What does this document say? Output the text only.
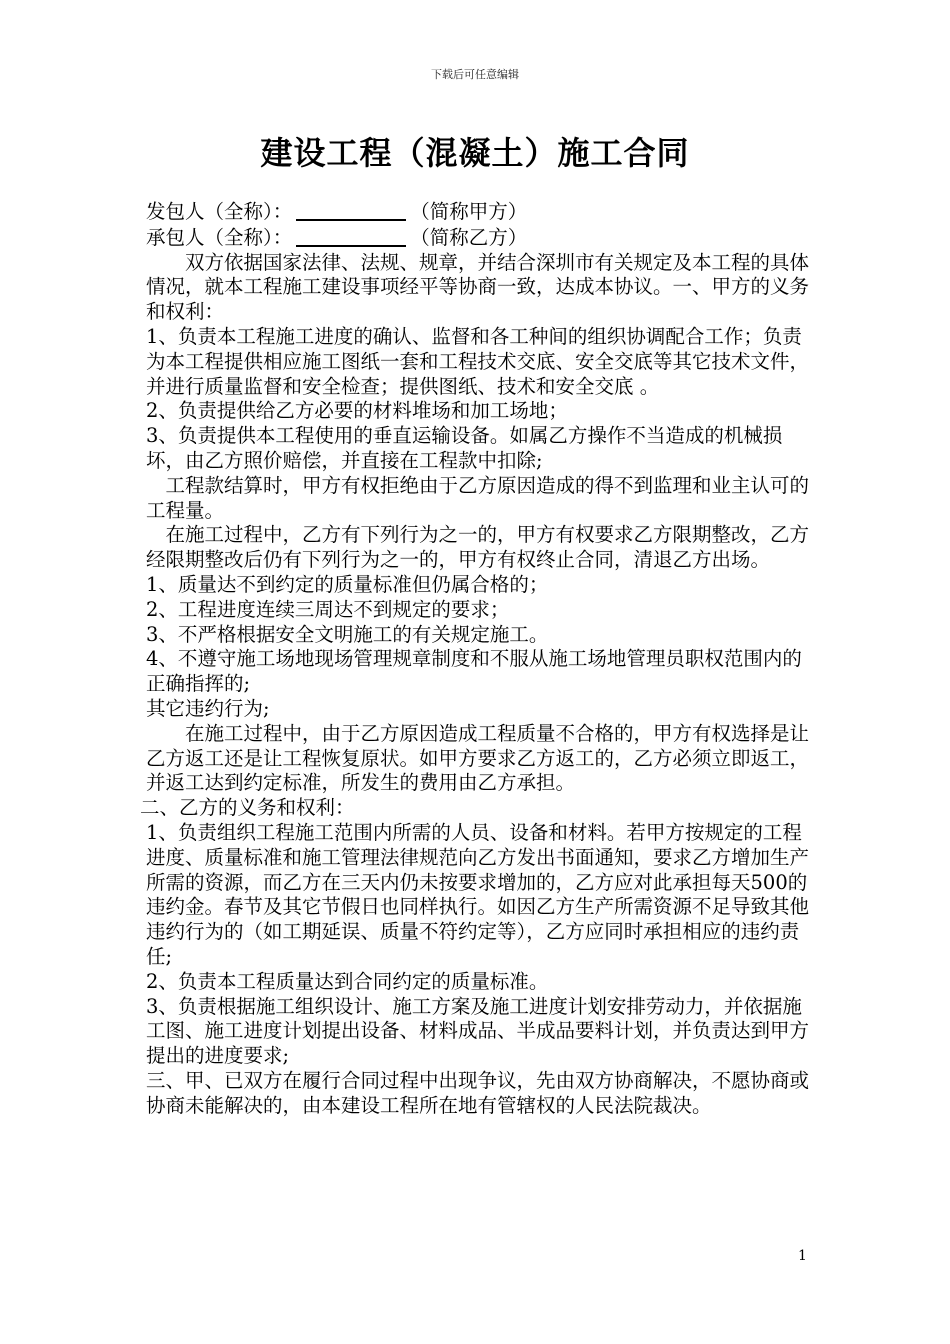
下载后可任意编辑
建设工程（混凝土）施工合同

发包人（全称）：	（简称甲方）

承包人（全称）：	（简称乙方）

双方依据国家法律、法规、规章，并结合深圳市有关规定及本工程的具体情况，就本工程施工建设事项经平等协商一致，达成本协议。一、甲方的义务和权利：

1、负责本工程施工进度的确认、监督和各工种间的组织协调配合工作；负责为本工程提供相应施工图纸一套和工程技术交底、安全交底等其它技术文件，并进行质量监督和安全检查；提供图纸、技术和安全交底 。

2、负责提供给乙方必要的材料堆场和加工场地；

3、负责提供本工程使用的垂直运输设备。如属乙方操作不当造成的机械损坏，由乙方照价赔偿，并直接在工程款中扣除;

工程款结算时，甲方有权拒绝由于乙方原因造成的得不到监理和业主认可的工程量。

在施工过程中，乙方有下列行为之一的，甲方有权要求乙方限期整改，乙方经限期整改后仍有下列行为之一的，甲方有权终止合同，清退乙方出场。

1、质量达不到约定的质量标准但仍属合格的；

2、工程进度连续三周达不到规定的要求；

3、不严格根据安全文明施工的有关规定施工。

4、不遵守施工场地现场管理规章制度和不服从施工场地管理员职权范围内的正确指挥的;

其它违约行为;

在施工过程中，由于乙方原因造成工程质量不合格的，甲方有权选择是让乙方返工还是让工程恢复原状。如甲方要求乙方返工的，乙方必须立即返工，并返工达到约定标准，所发生的费用由乙方承担。

二、乙方的义务和权利：

1、负责组织工程施工范围内所需的人员、设备和材料。若甲方按规定的工程进度、质量标准和施工管理法律规范向乙方发出书面通知，要求乙方增加生产所需的资源，而乙方在三天内仍未按要求增加的，乙方应对此承担每天500的违约金。春节及其它节假日也同样执行。如因乙方生产所需资源不足导致其他违约行为的（如工期延误、质量不符约定等），乙方应同时承担相应的违约责任;

2、负责本工程质量达到合同约定的质量标准。

3、负责根据施工组织设计、施工方案及施工进度计划安排劳动力，并依据施工图、施工进度计划提出设备、材料成品、半成品要料计划，并负责达到甲方提出的进度要求;

三、甲、已双方在履行合同过程中出现争议，先由双方协商解决，不愿协商或协商未能解决的，由本建设工程所在地有管辖权的人民法院裁决。

1
